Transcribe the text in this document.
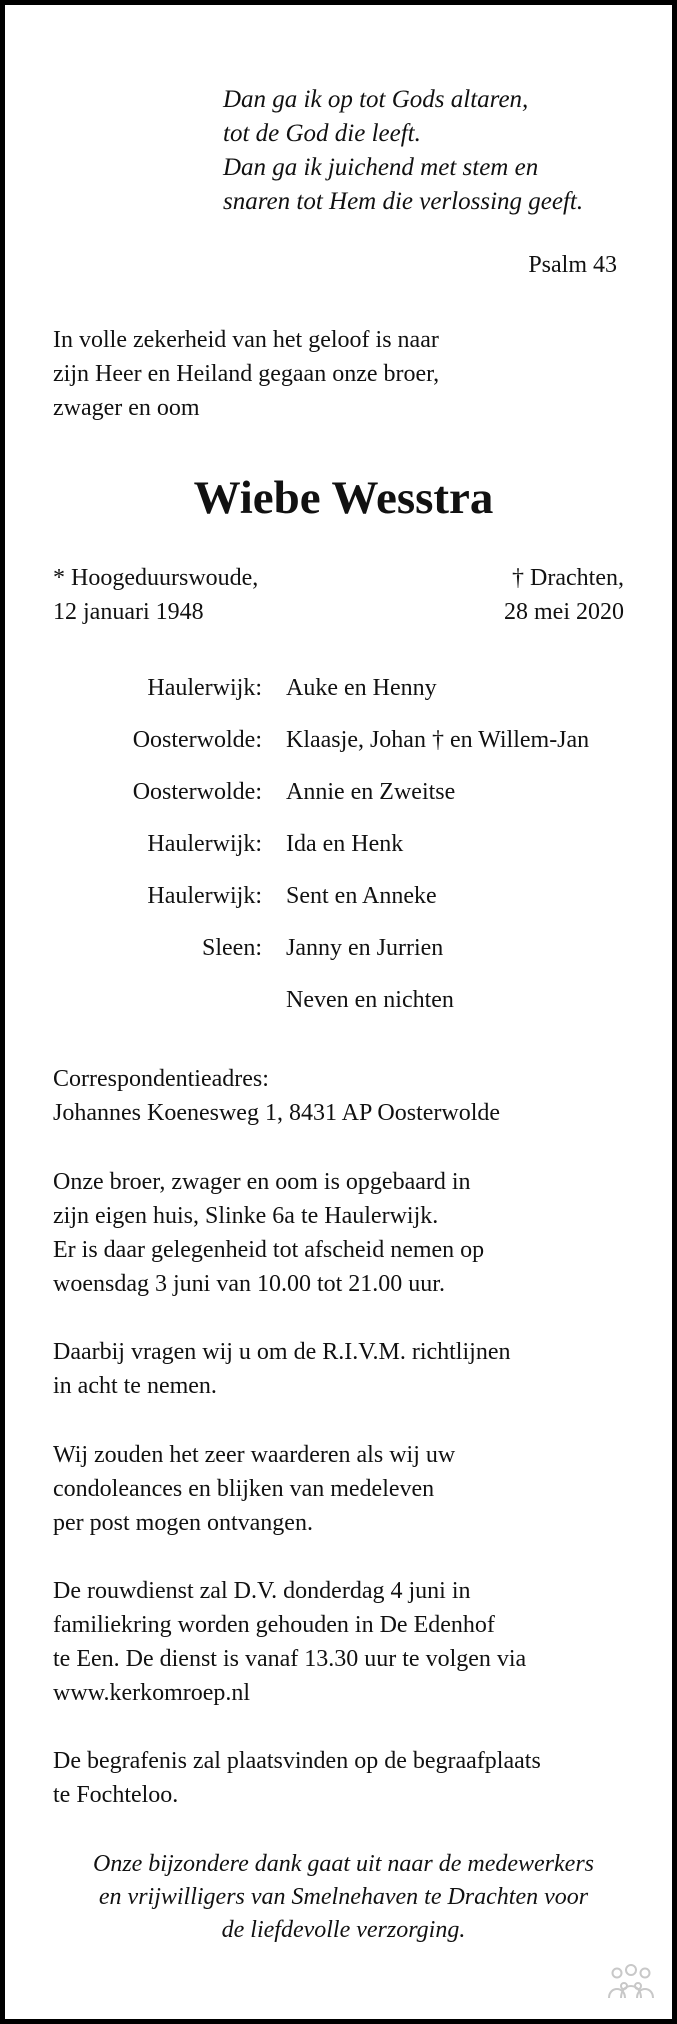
Dan ga ik op tot Gods altaren,
tot de God die leeft.
Dan ga ik juichend met stem en
snaren tot Hem die verlossing geeft.
Psalm 43
In volle zekerheid van het geloof is naar
zijn Heer en Heiland gegaan onze broer,
zwager en oom
Wiebe Wesstra
* Hoogeduurswoude,
12 januari 1948
† Drachten,
28 mei 2020
Haulerwijk: Auke en Henny
Oosterwolde: Klaasje, Johan † en Willem-Jan
Oosterwolde: Annie en Zweitse
Haulerwijk: Ida en Henk
Haulerwijk: Sent en Anneke
Sleen: Janny en Jurrien
Neven en nichten
Correspondentieadres:
Johannes Koenesweg 1, 8431 AP Oosterwolde
Onze broer, zwager en oom is opgebaard in
zijn eigen huis, Slinke 6a te Haulerwijk.
Er is daar gelegenheid tot afscheid nemen op
woensdag 3 juni van 10.00 tot 21.00 uur.
Daarbij vragen wij u om de R.I.V.M. richtlijnen
in acht te nemen.
Wij zouden het zeer waarderen als wij uw
condoleances en blijken van medeleven
per post mogen ontvangen.
De rouwdienst zal D.V. donderdag 4 juni in
familiekring worden gehouden in De Edenhof
te Een. De dienst is vanaf 13.30 uur te volgen via
www.kerkomroep.nl
De begrafenis zal plaatsvinden op de begraafplaats
te Fochteloo.
Onze bijzondere dank gaat uit naar de medewerkers
en vrijwilligers van Smelnehaven te Drachten voor
de liefdevolle verzorging.
